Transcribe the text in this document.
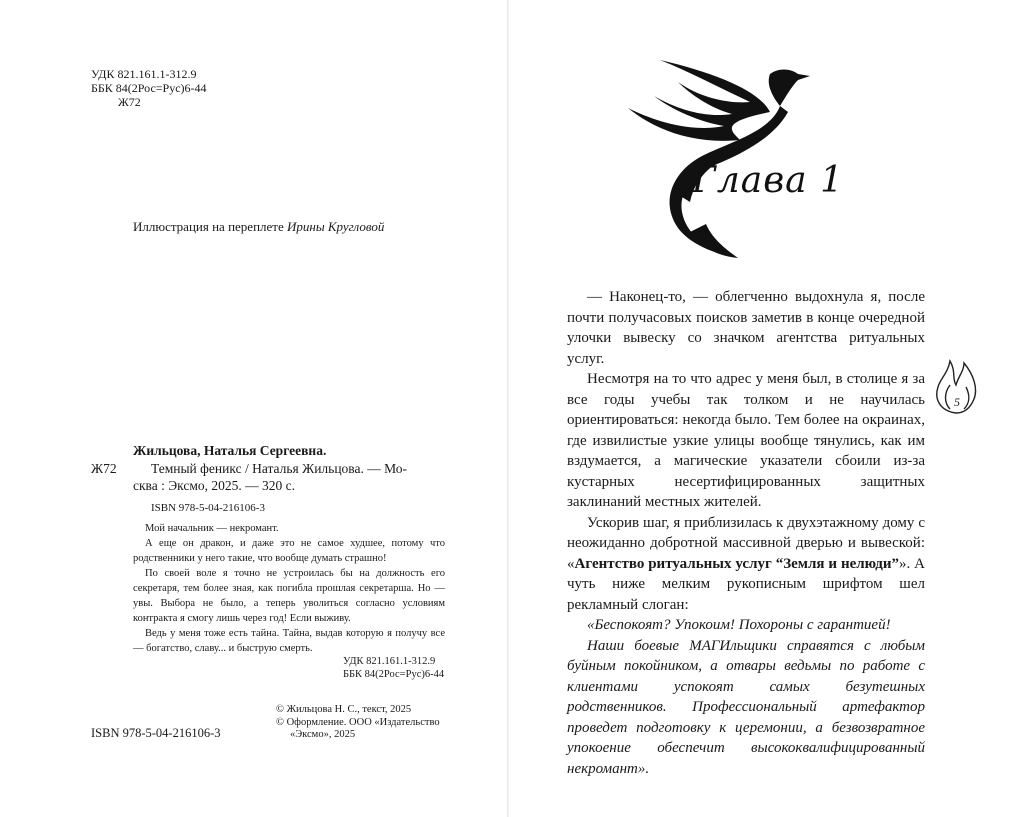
УДК 821.161.1-312.9
ББК 84(2Рос=Рус)6-44
Ж72
Иллюстрация на переплете Ирины Кругловой
Жильцова, Наталья Сергеевна.
Ж72	Темный феникс / Наталья Жильцова. — Мо-
сква : Эксмо, 2025. — 320 с.
ISBN 978-5-04-216106-3

Мой начальник — некромант.

А еще он дракон, и даже это не самое худшее, потому что родственники у него такие, что вообще думать страшно!

По своей воле я точно не устроилась бы на должность его секретаря, тем более зная, как погибла прошлая секретарша. Но — увы. Выбора не было, а теперь уволиться согласно условиям контракта я смогу лишь через год! Если выживу.

Ведь у меня тоже есть тайна. Тайна, выдав которую я получу все — богатство, славу... и быструю смерть.

УДК 821.161.1-312.9
ББК 84(2Рос=Рус)6-44
© Жильцова Н. С., текст, 2025
© Оформление. ООО «Издательство
«Эксмо», 2025
ISBN 978-5-04-216106-3
Глава 1

— Наконец-то, — облегченно выдохнула я, после почти получасовых поисков заметив в конце очередной улочки вывеску со значком агентства ритуальных услуг.

Несмотря на то что адрес у меня был, в столице я за все годы учебы так толком и не научилась ориентироваться: некогда было. Тем более на окраинах, где извилистые узкие улицы вообще тянулись, как им вздумается, а магические указатели сбоили из-за кустарных несертифицированных защитных заклинаний местных жителей.

Ускорив шаг, я приблизилась к двухэтажному дому с неожиданно добротной массивной дверью и вывеской: «Агентство ритуальных услуг “Земля и нелюди”». А чуть ниже мелким рукописным шрифтом шел рекламный слоган:

«Беспокоят? Упокоим! Похороны с гарантией!

Наши боевые МАГИльщики справятся с любым буйным покойником, а отвары ведьмы по работе с клиентами успокоят самых безутешных родственников. Профессиональный артефактор проведет подготовку к церемонии, а безвозвратное упокоение обеспечит высококвалифицированный некромант».

5
